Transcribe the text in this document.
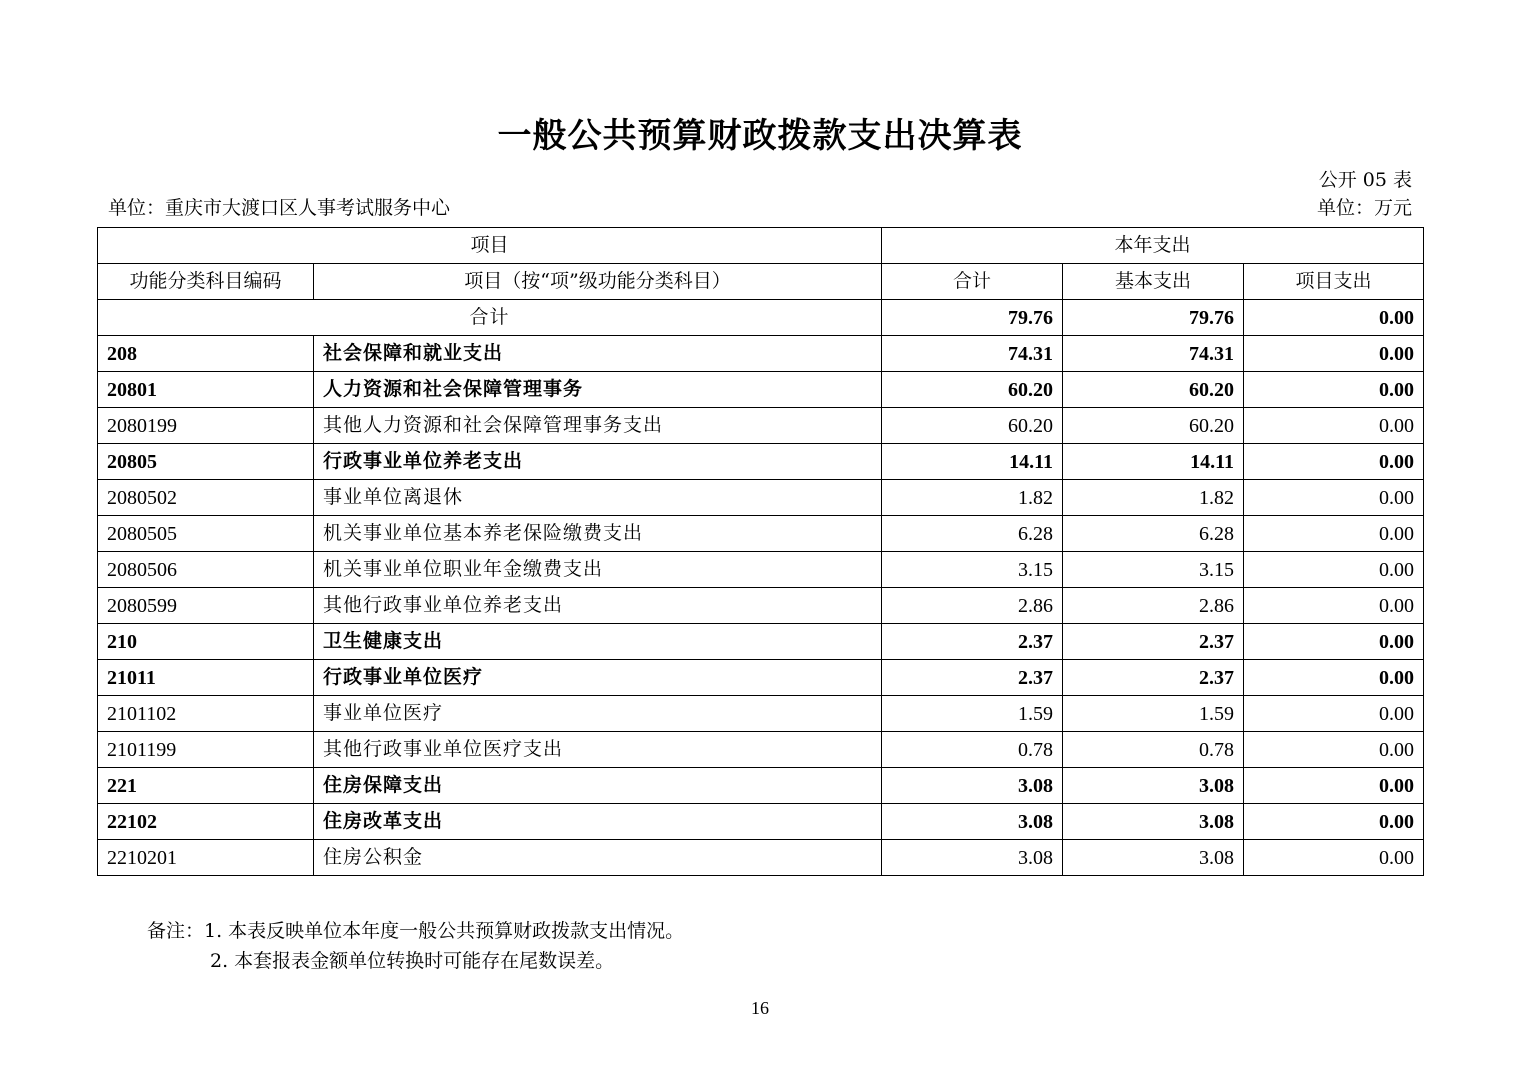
一般公共预算财政拨款支出决算表
公开 05 表
单位：重庆市大渡口区人事考试服务中心	单位：万元
项目		本年支出		
功能分类科目编码	项目（按“项”级功能分类科目）	合计	基本支出	项目支出
合计		79.76	79.76	0.00
208	社会保障和就业支出	74.31	74.31	0.00
20801	人力资源和社会保障管理事务	60.20	60.20	0.00
2080199	其他人力资源和社会保障管理事务支出	60.20	60.20	0.00
20805	行政事业单位养老支出	14.11	14.11	0.00
2080502	事业单位离退休	1.82	1.82	0.00
2080505	机关事业单位基本养老保险缴费支出	6.28	6.28	0.00
2080506	机关事业单位职业年金缴费支出	3.15	3.15	0.00
2080599	其他行政事业单位养老支出	2.86	2.86	0.00
210	卫生健康支出	2.37	2.37	0.00
21011	行政事业单位医疗	2.37	2.37	0.00
2101102	事业单位医疗	1.59	1.59	0.00
2101199	其他行政事业单位医疗支出	0.78	0.78	0.00
221	住房保障支出	3.08	3.08	0.00
22102	住房改革支出	3.08	3.08	0.00
2210201	住房公积金	3.08	3.08	0.00
备注：1. 本表反映单位本年度一般公共预算财政拨款支出情况。
2. 本套报表金额单位转换时可能存在尾数误差。
16
